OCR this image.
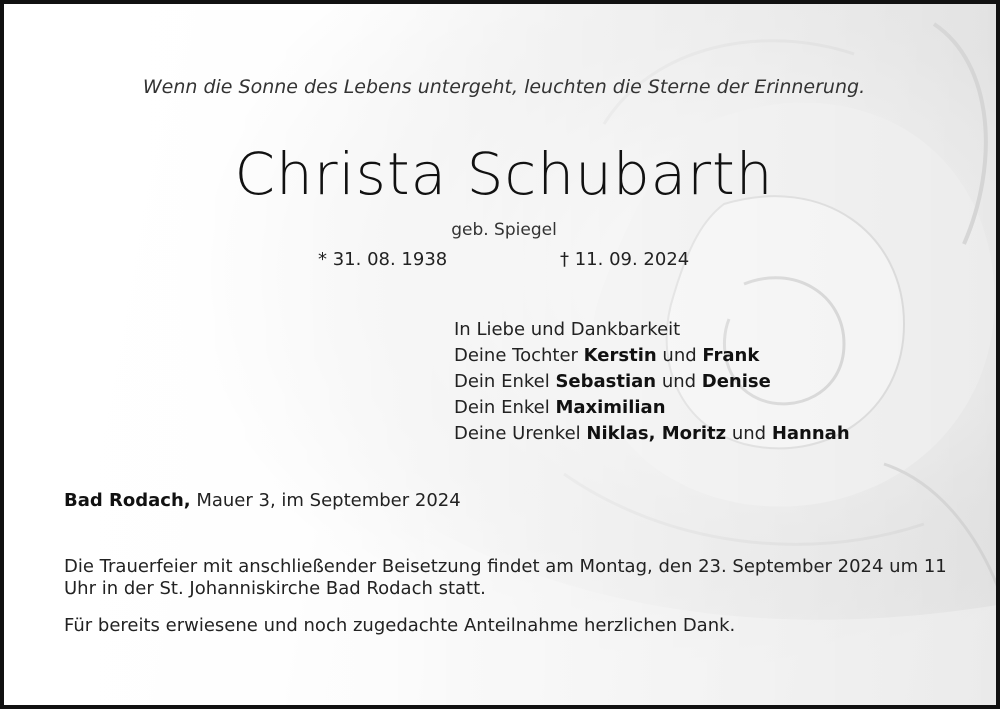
Wenn die Sonne des Lebens untergeht, leuchten die Sterne der Erinnerung.
Christa Schubarth
geb. Spiegel
* 31. 08. 1938	† 11. 09. 2024
In Liebe und Dankbarkeit
Deine Tochter Kerstin und Frank
Dein Enkel Sebastian und Denise
Dein Enkel Maximilian
Deine Urenkel Niklas, Moritz und Hannah
Bad Rodach, Mauer 3, im September 2024
Die Trauerfeier mit anschließender Beisetzung findet am Montag, den 23. September 2024 um 11 Uhr in der St. Johanniskirche Bad Rodach statt.
Für bereits erwiesene und noch zugedachte Anteilnahme herzlichen Dank.
